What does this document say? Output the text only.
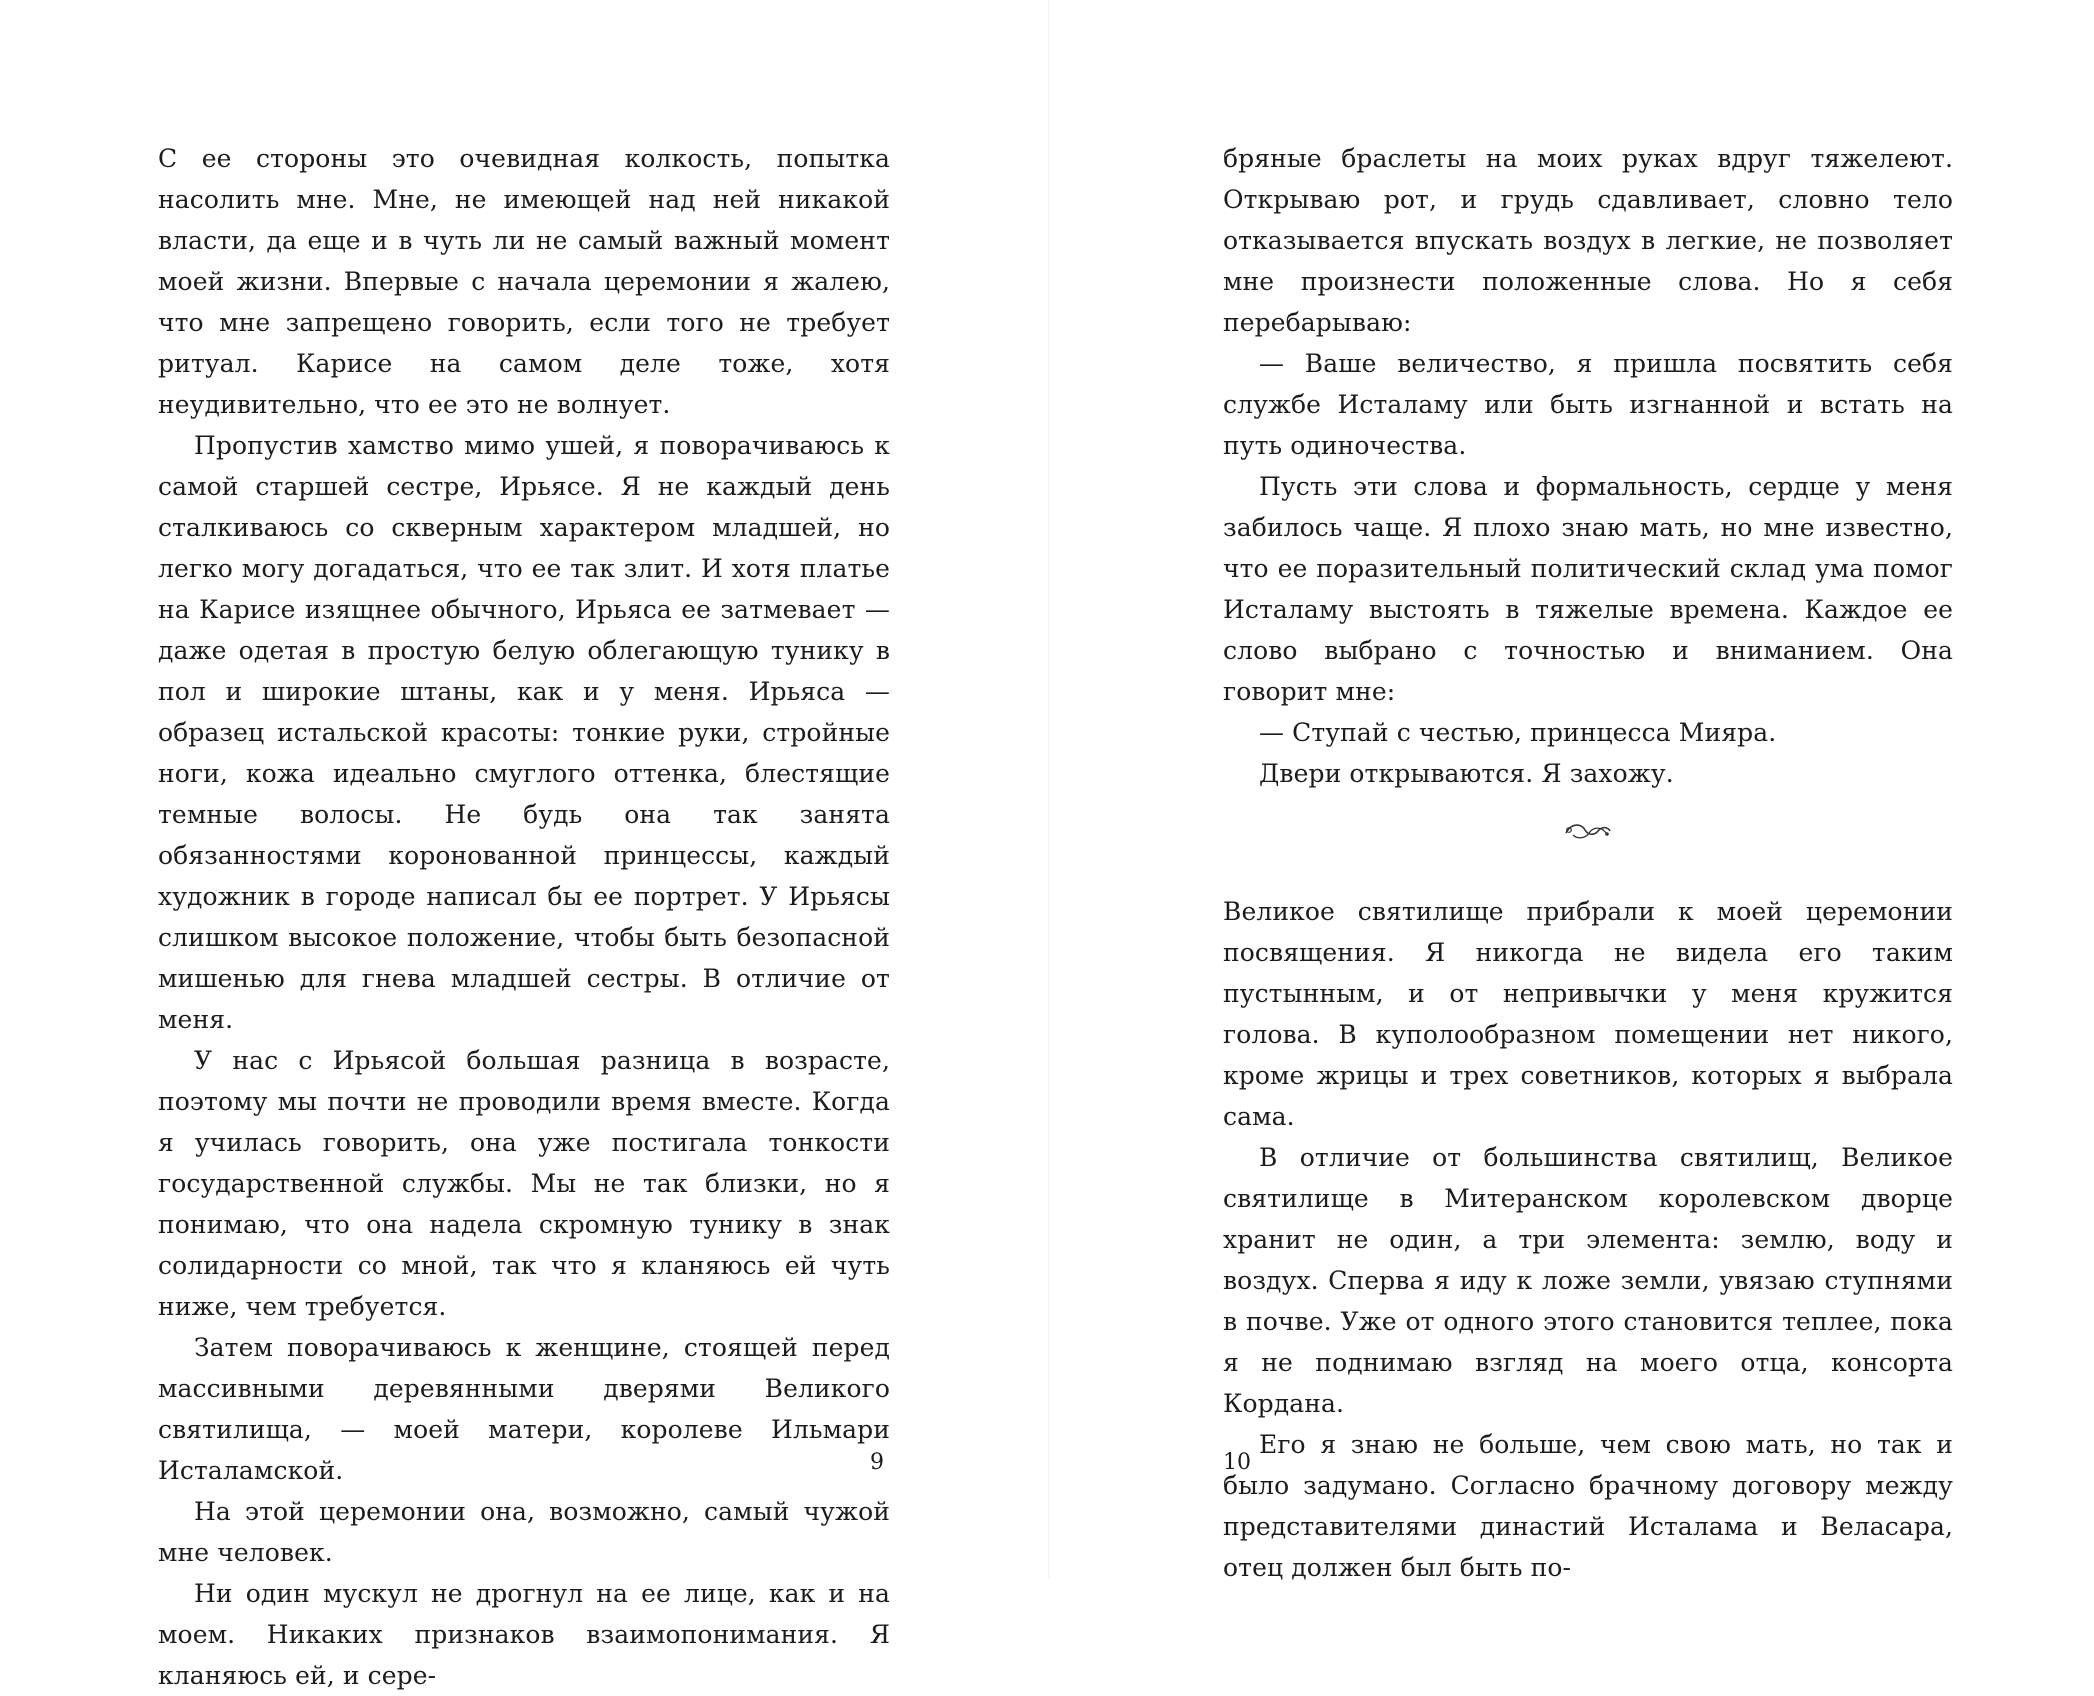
С ее стороны это очевидная колкость, попытка насолить мне. Мне, не имеющей над ней никакой власти, да еще и в чуть ли не самый важный момент моей жизни. Впервые с начала церемонии я жалею, что мне запрещено говорить, если того не требует ритуал. Карисе на самом деле тоже, хотя неудивительно, что ее это не волнует.

Пропустив хамство мимо ушей, я поворачиваюсь к самой старшей сестре, Ирьясе. Я не каждый день сталкиваюсь со скверным характером младшей, но легко могу догадаться, что ее так злит. И хотя платье на Карисе изящнее обычного, Ирьяса ее затмевает — даже одетая в простую белую облегающую тунику в пол и широкие штаны, как и у меня. Ирьяса — образец истальской красоты: тонкие руки, стройные ноги, кожа идеально смуглого оттенка, блестящие темные волосы. Не будь она так занята обязанностями коронованной принцессы, каждый художник в городе написал бы ее портрет. У Ирьясы слишком высокое положение, чтобы быть безопасной мишенью для гнева младшей сестры. В отличие от меня.

У нас с Ирьясой большая разница в возрасте, поэтому мы почти не проводили время вместе. Когда я училась говорить, она уже постигала тонкости государственной службы. Мы не так близки, но я понимаю, что она надела скромную тунику в знак солидарности со мной, так что я кланяюсь ей чуть ниже, чем требуется.

Затем поворачиваюсь к женщине, стоящей перед массивными деревянными дверями Великого святилища, — моей матери, королеве Ильмари Исталамской.

На этой церемонии она, возможно, самый чужой мне человек.

Ни один мускул не дрогнул на ее лице, как и на моем. Никаких признаков взаимопонимания. Я кланяюсь ей, и сере-

9

бряные браслеты на моих руках вдруг тяжелеют. Открываю рот, и грудь сдавливает, словно тело отказывается впускать воздух в легкие, не позволяет мне произнести положенные слова. Но я себя перебарываю:

— Ваше величество, я пришла посвятить себя службе Исталаму или быть изгнанной и встать на путь одиночества.

Пусть эти слова и формальность, сердце у меня забилось чаще. Я плохо знаю мать, но мне известно, что ее поразительный политический склад ума помог Исталаму выстоять в тяжелые времена. Каждое ее слово выбрано с точностью и вниманием. Она говорит мне:

— Ступай с честью, принцесса Мияра.

Двери открываются. Я захожу.

Великое святилище прибрали к моей церемонии посвящения. Я никогда не видела его таким пустынным, и от непривычки у меня кружится голова. В куполообразном помещении нет никого, кроме жрицы и трех советников, которых я выбрала сама.

В отличие от большинства святилищ, Великое святилище в Митеранском королевском дворце хранит не один, а три элемента: землю, воду и воздух. Сперва я иду к ложе земли, увязаю ступнями в почве. Уже от одного этого становится теплее, пока я не поднимаю взгляд на моего отца, консорта Кордана.

Его я знаю не больше, чем свою мать, но так и было задумано. Согласно брачному договору между представителями династий Исталама и Веласара, отец должен был быть по-

10
